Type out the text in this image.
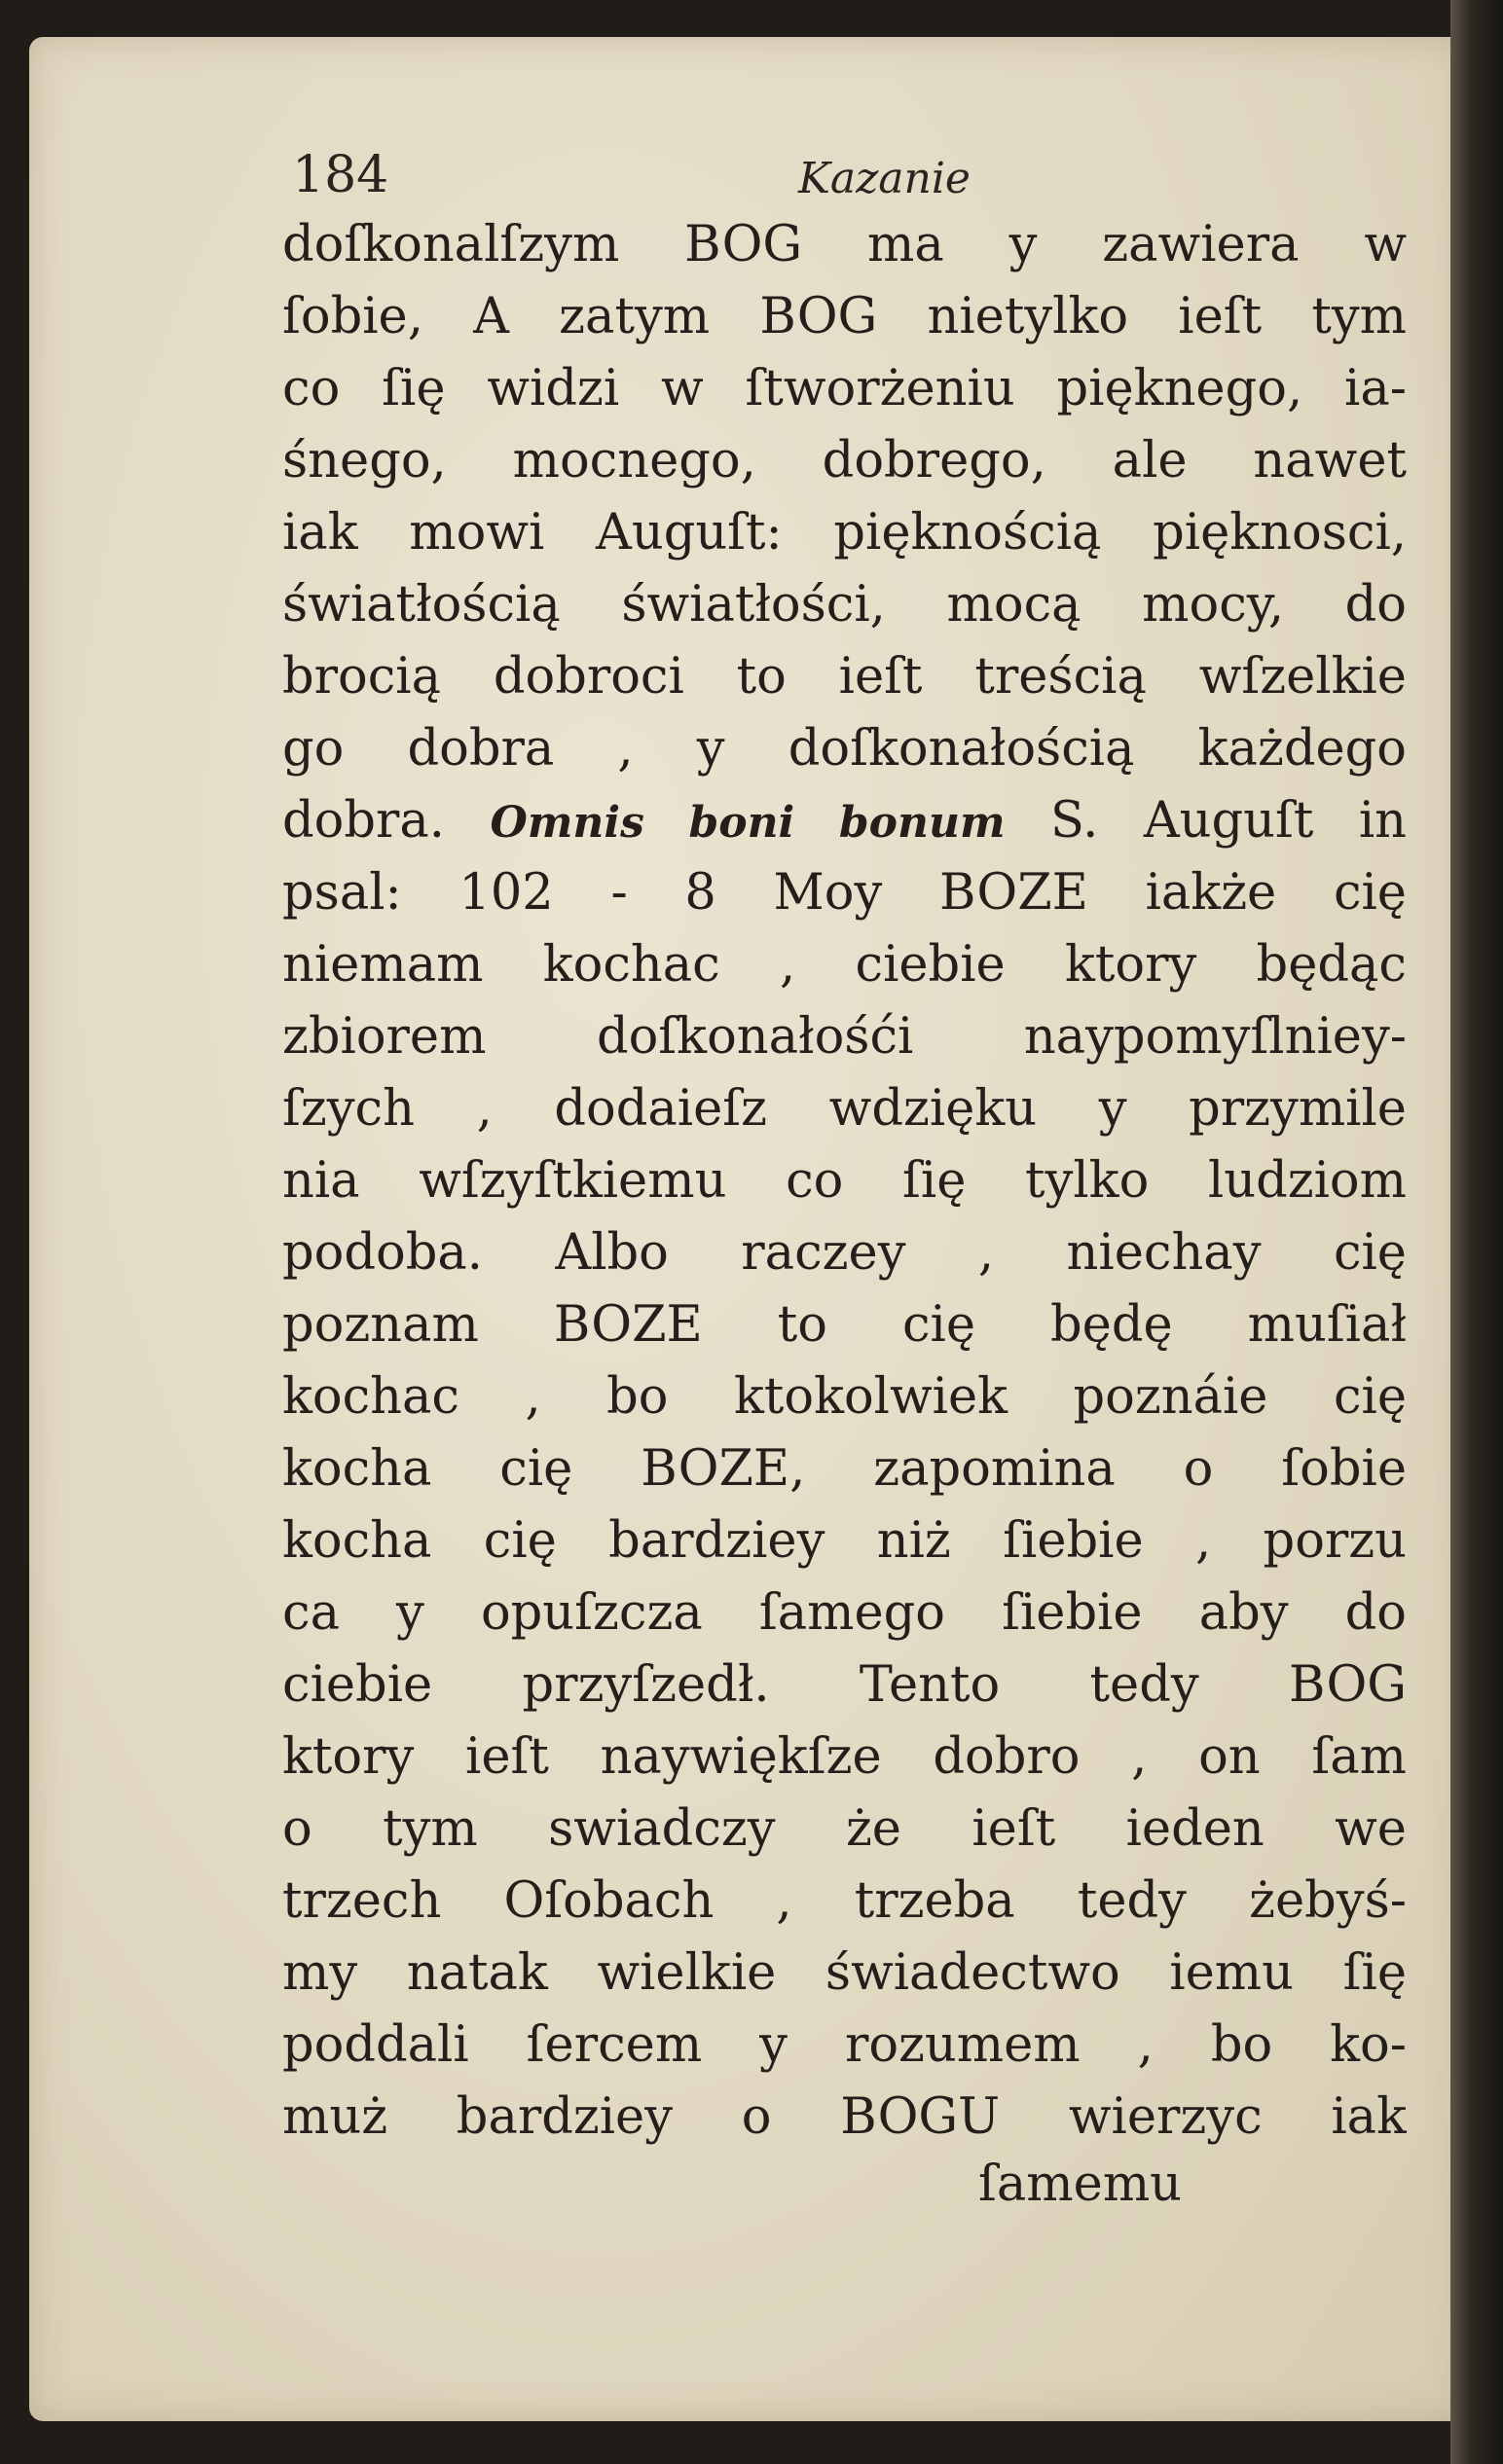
184	Kazanie
doſkonalſzym BOG ma y zawiera w
ſobie, A zatym BOG nietylko ieſt tym
co ſię widzi w ſtworżeniu pięknego, ia-
śnego, mocnego, dobrego, ale nawet
iak mowi Auguſt: pięknością pięknosci,
światłością światłości, mocą mocy, do
brocią dobroci to ieſt treścią wſzelkie
go dobra , y doſkonałością każdego
dobra. Omnis boni bonum S. Auguſt in
psal: 102 - 8 Moy BOZE iakże cię
niemam kochac , ciebie ktory będąc
zbiorem doſkonałośći naypomyſlniey-
ſzych , dodaieſz wdzięku y przymile
nia wſzyſtkiemu co ſię tylko ludziom
podoba. Albo raczey , niechay cię
poznam BOZE to cię będę muſiał
kochac , bo ktokolwiek poznáie cię
kocha cię BOZE, zapomina o ſobie
kocha cię bardziey niż ſiebie , porzu
ca y opuſzcza ſamego ſiebie aby do
ciebie przyſzedł. Tento tedy BOG
ktory ieſt naywiękſze dobro , on ſam
o tym swiadczy że ieſt ieden we
trzech Oſobach , trzeba tedy żebyś-
my natak wielkie świadectwo iemu ſię
poddali ſercem y rozumem , bo ko-
muż bardziey o BOGU wierzyc iak
ſamemu
